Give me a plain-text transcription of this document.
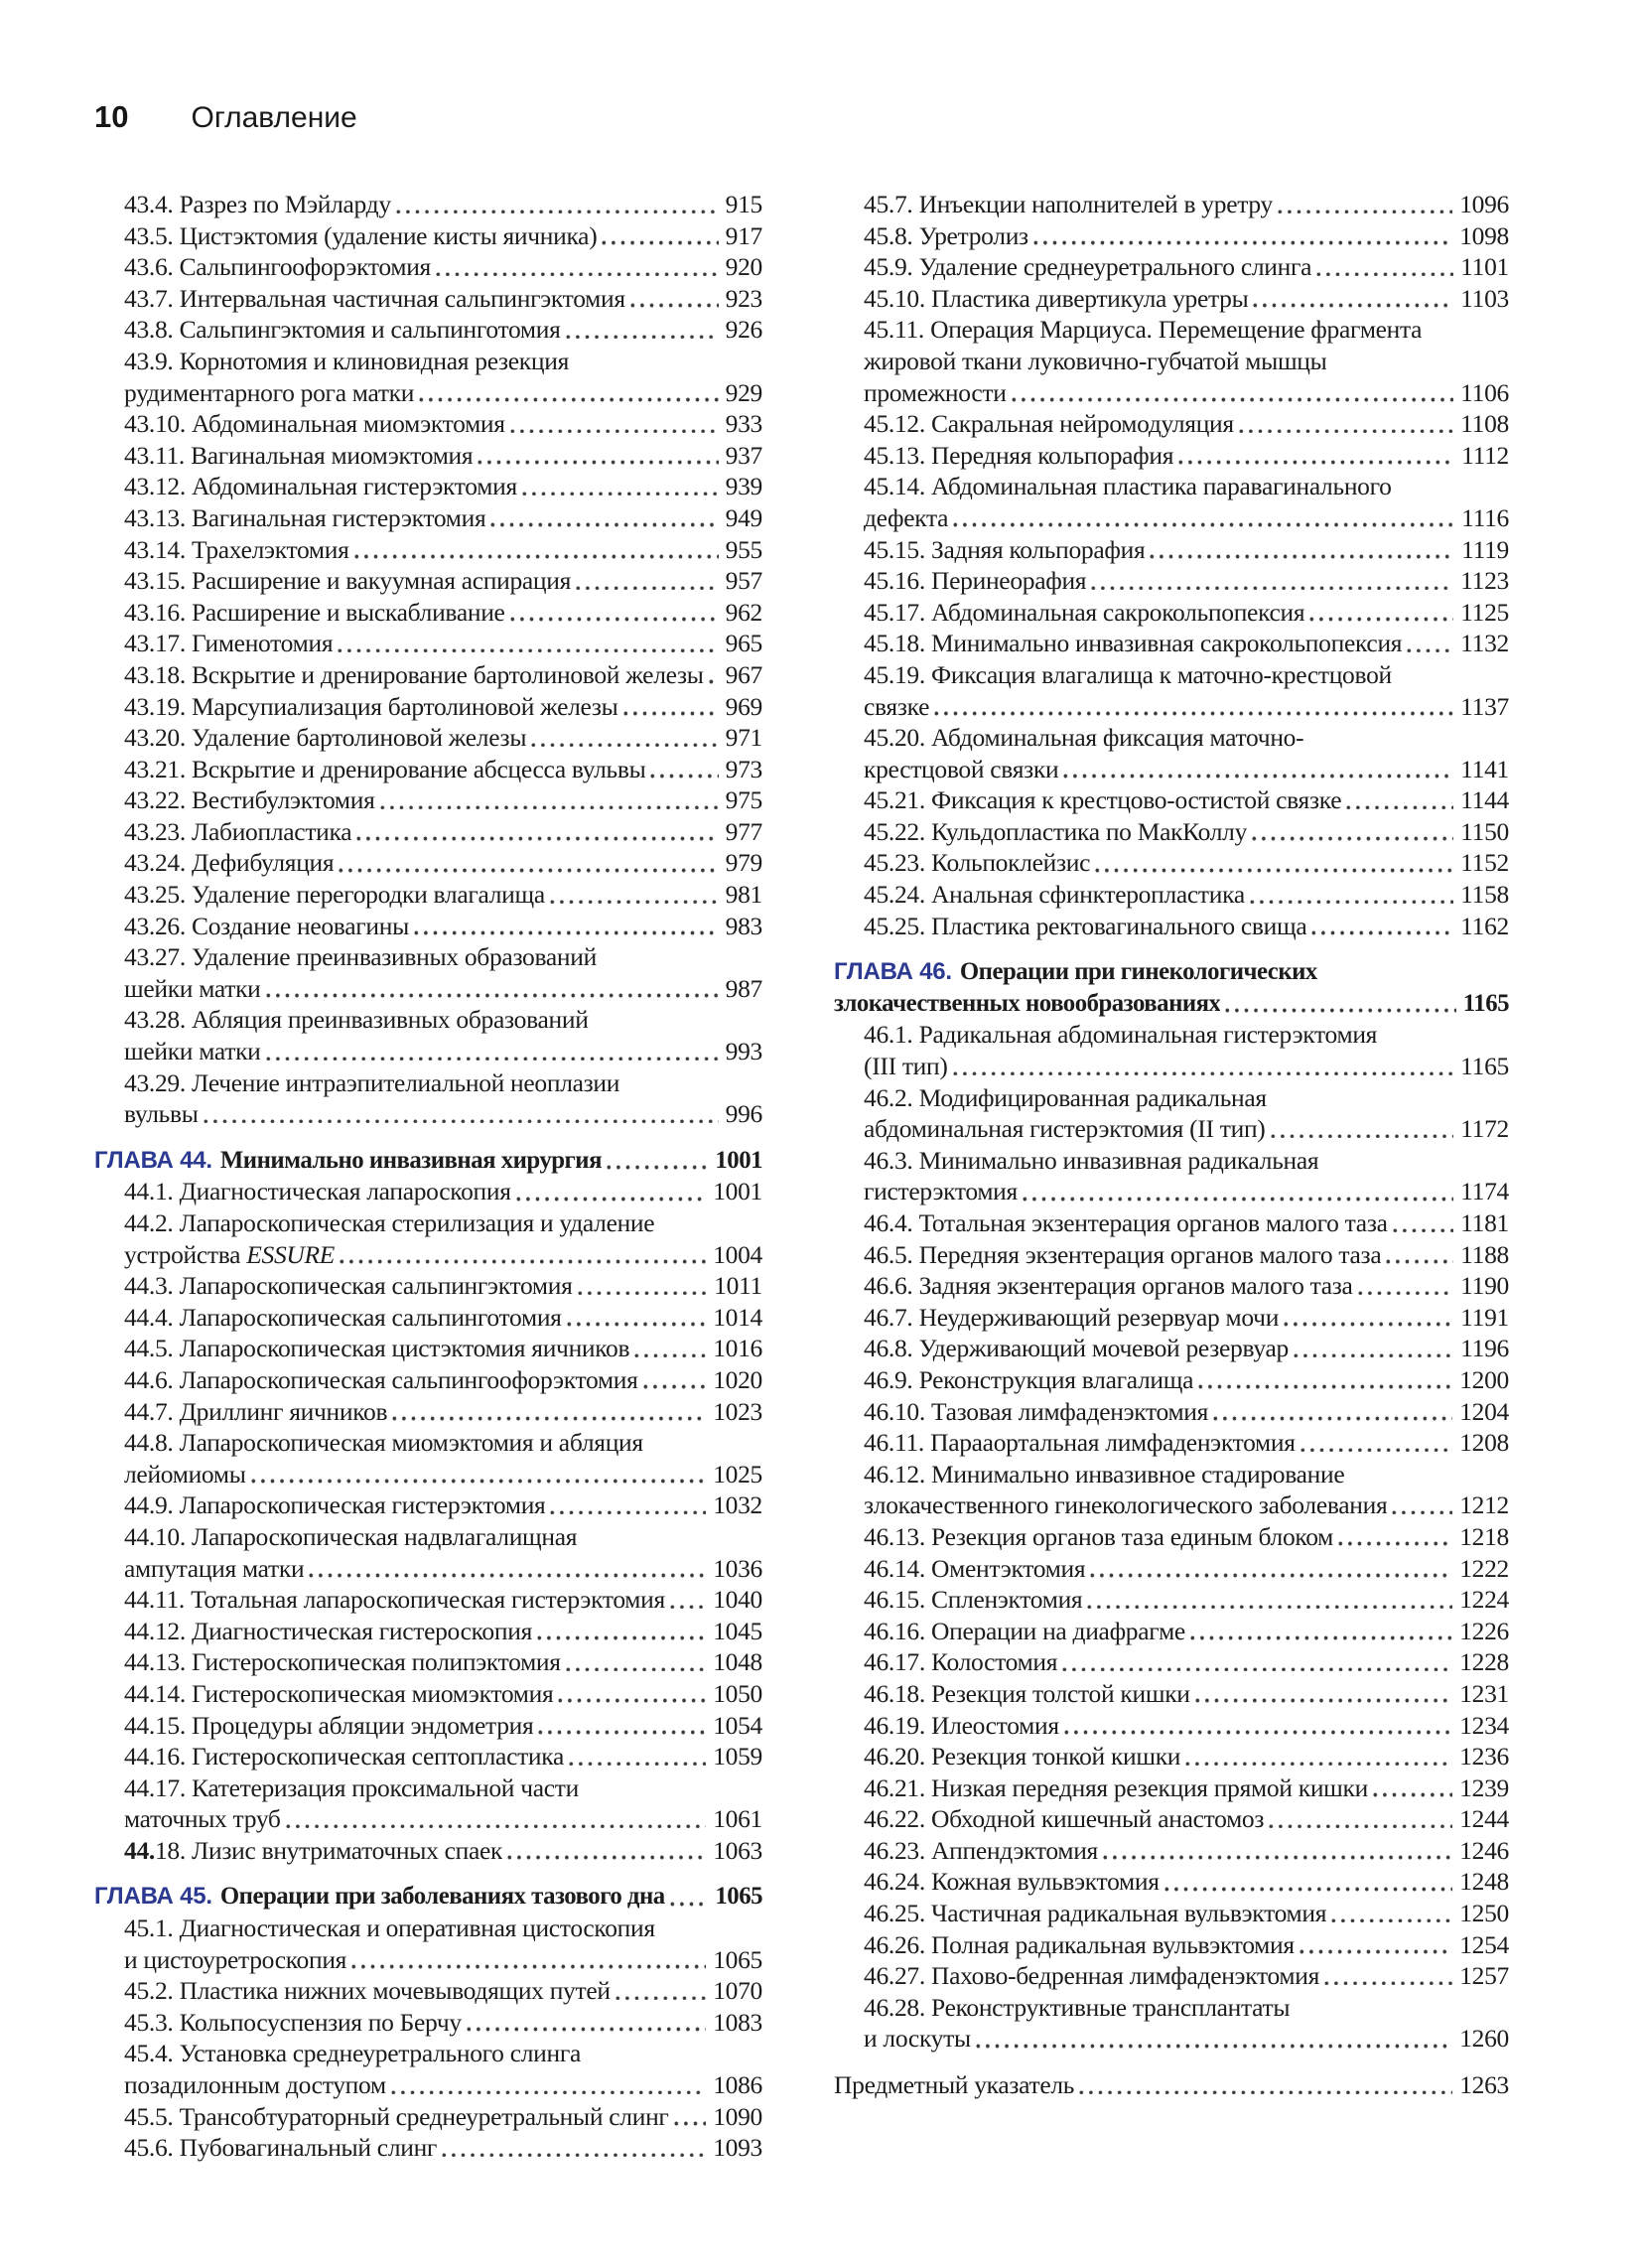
10 Оглавление
43.4. Разрез по Мэйларду	915
43.5. Цистэктомия (удаление кисты яичника)	917
43.6. Сальпингоофорэктомия	920
43.7. Интервальная частичная сальпингэктомия	923
43.8. Сальпингэктомия и сальпинготомия	926
43.9. Корнотомия и клиновидная резекция
рудиментарного рога матки	929
43.10. Абдоминальная миомэктомия	933
43.11. Вагинальная миомэктомия	937
43.12. Абдоминальная гистерэктомия	939
43.13. Вагинальная гистерэктомия	949
43.14. Трахелэктомия	955
43.15. Расширение и вакуумная аспирация	957
43.16. Расширение и выскабливание	962
43.17. Гименотомия	965
43.18. Вскрытие и дренирование бартолиновой железы 967
43.19. Марсупиализация бартолиновой железы	969
43.20. Удаление бартолиновой железы	971
43.21. Вскрытие и дренирование абсцесса вульвы	973
43.22. Вестибулэктомия	975
43.23. Лабиопластика	977
43.24. Дефибуляция	979
43.25. Удаление перегородки влагалища	981
43.26. Создание неовагины	983
43.27. Удаление преинвазивных образований
шейки матки	987
43.28. Абляция преинвазивных образований
шейки матки	993
43.29. Лечение интраэпителиальной неоплазии
вульвы	996
ГЛАВА 44. Минимально инвазивная хирургия	1001
44.1. Диагностическая лапароскопия	1001
44.2. Лапароскопическая стерилизация и удаление
устройства ESSURE	1004
44.3. Лапароскопическая сальпингэктомия	1011
44.4. Лапароскопическая сальпинготомия	1014
44.5. Лапароскопическая цистэктомия яичников	1016
44.6. Лапароскопическая сальпингоофорэктомия	1020
44.7. Дриллинг яичников	1023
44.8. Лапароскопическая миомэктомия и абляция
лейомиомы	1025
44.9. Лапароскопическая гистерэктомия	1032
44.10. Лапароскопическая надвлагалищная
ампутация матки	1036
44.11. Тотальная лапароскопическая гистерэктомия 1040
44.12. Диагностическая гистероскопия	1045
44.13. Гистероскопическая полипэктомия	1048
44.14. Гистероскопическая миомэктомия	1050
44.15. Процедуры абляции эндометрия	1054
44.16. Гистероскопическая септопластика	1059
44.17. Катетеризация проксимальной части
маточных труб	1061
44.18. Лизис внутриматочных спаек	1063
ГЛАВА 45. Операции при заболеваниях тазового дна 1065
45.1. Диагностическая и оперативная цистоскопия
и цистоуретроскопия	1065
45.2. Пластика нижних мочевыводящих путей	1070
45.3. Кольпосуспензия по Берчу	1083
45.4. Установка среднеуретрального слинга
позадилонным доступом	1086
45.5. Трансобтураторный среднеуретральный слинг 1090
45.6. Пубовагинальный слинг	1093
45.7. Инъекции наполнителей в уретру	1096
45.8. Уретролиз	1098
45.9. Удаление среднеуретрального слинга	1101
45.10. Пластика дивертикула уретры	1103
45.11. Операция Марциуса. Перемещение фрагмента
жировой ткани луковично-губчатой мышцы
промежности	1106
45.12. Сакральная нейромодуляция	1108
45.13. Передняя кольпорафия	1112
45.14. Абдоминальная пластика паравагинального
дефекта	1116
45.15. Задняя кольпорафия	1119
45.16. Перинеорафия	1123
45.17. Абдоминальная сакрокольпопексия	1125
45.18. Минимально инвазивная сакрокольпопексия 1132
45.19. Фиксация влагалища к маточно-крестцовой
связке	1137
45.20. Абдоминальная фиксация маточно-
крестцовой связки	1141
45.21. Фиксация к крестцово-остистой связке	1144
45.22. Кульдопластика по МакКоллу	1150
45.23. Кольпоклейзис	1152
45.24. Анальная сфинктеропластика	1158
45.25. Пластика ректовагинального свища	1162
ГЛАВА 46. Операции при гинекологических
злокачественных новообразованиях	1165
46.1. Радикальная абдоминальная гистерэктомия
(III тип)	1165
46.2. Модифицированная радикальная
абдоминальная гистерэктомия (II тип)	1172
46.3. Минимально инвазивная радикальная
гистерэктомия	1174
46.4. Тотальная экзентерация органов малого таза	1181
46.5. Передняя экзентерация органов малого таза	1188
46.6. Задняя экзентерация органов малого таза	1190
46.7. Неудерживающий резервуар мочи	1191
46.8. Удерживающий мочевой резервуар	1196
46.9. Реконструкция влагалища	1200
46.10. Тазовая лимфаденэктомия	1204
46.11. Парааортальная лимфаденэктомия	1208
46.12. Минимально инвазивное стадирование
злокачественного гинекологического заболевания	1212
46.13. Резекция органов таза единым блоком	1218
46.14. Оментэктомия	1222
46.15. Спленэктомия	1224
46.16. Операции на диафрагме	1226
46.17. Колостомия	1228
46.18. Резекция толстой кишки	1231
46.19. Илеостомия	1234
46.20. Резекция тонкой кишки	1236
46.21. Низкая передняя резекция прямой кишки	1239
46.22. Обходной кишечный анастомоз	1244
46.23. Аппендэктомия	1246
46.24. Кожная вульвэктомия	1248
46.25. Частичная радикальная вульвэктомия	1250
46.26. Полная радикальная вульвэктомия	1254
46.27. Пахово-бедренная лимфаденэктомия	1257
46.28. Реконструктивные трансплантаты
и лоскуты	1260
Предметный указатель	1263
